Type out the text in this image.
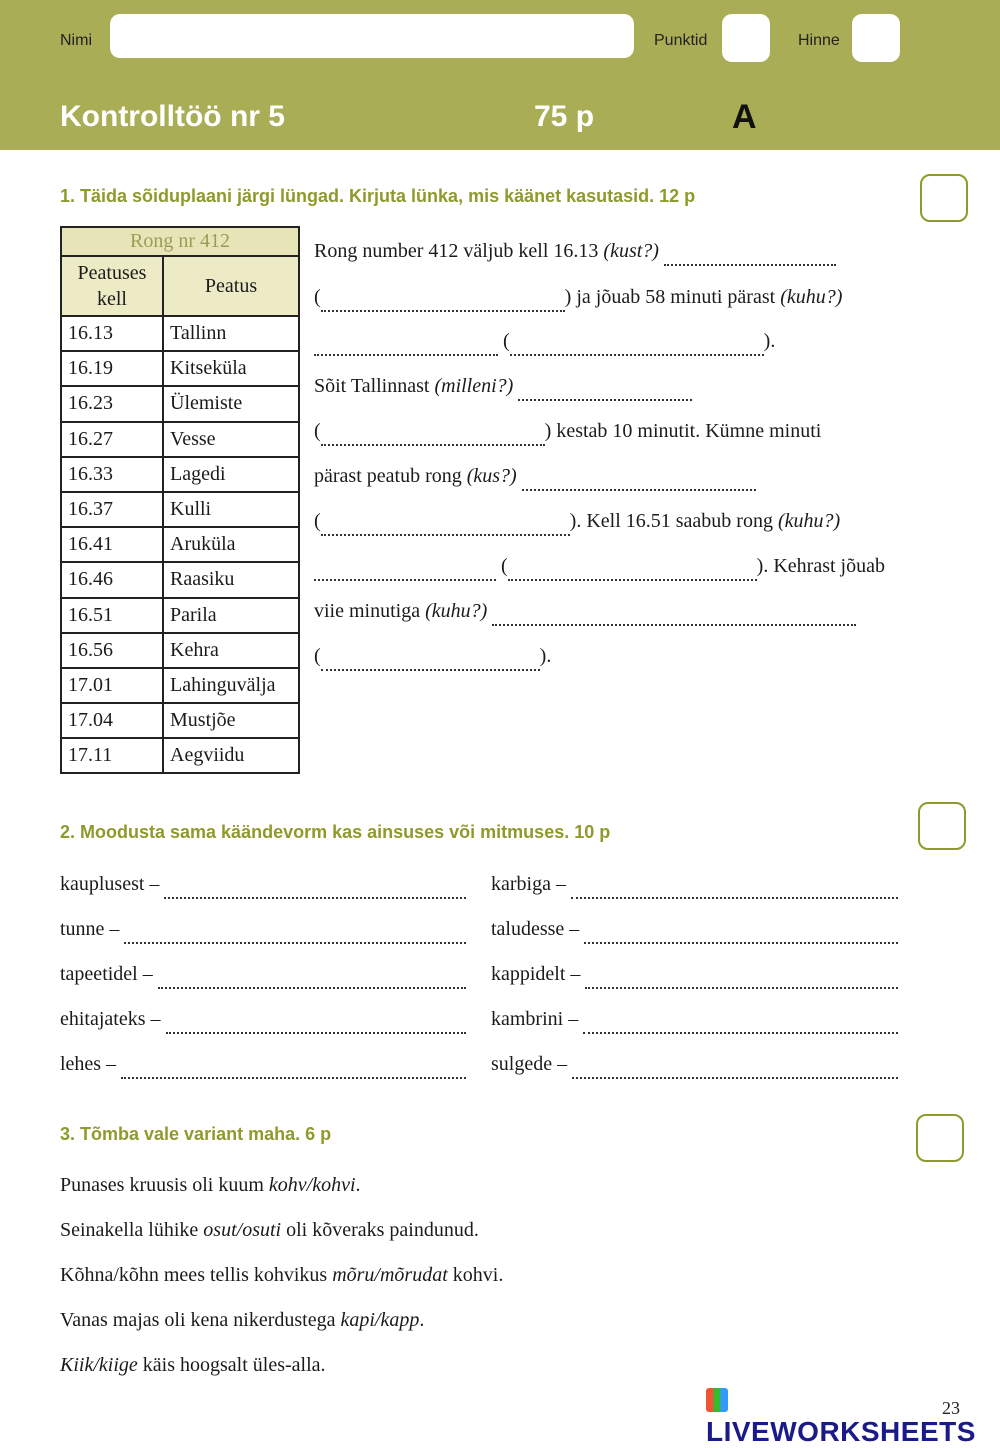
Nimi	Punktid	Hinne
Kontrolltöö nr 5	75 p	A
1. Täida sõiduplaani järgi lüngad. Kirjuta lünka, mis käänet kasutasid. 12 p
Rong nr 412	
Peatuses kell	Peatus
16.13	Tallinn
16.19	Kitseküla
16.23	Ülemiste
16.27	Vesse
16.33	Lagedi
16.37	Kulli
16.41	Aruküla
16.46	Raasiku
16.51	Parila
16.56	Kehra
17.01	Lahinguvälja
17.04	Mustjõe
17.11	Aegviidu
Rong number 412 väljub kell 16.13 (kust?)
(	) ja jõuab 58 minuti pärast (kuhu?)
(	).
Sõit Tallinnast (milleni?)
(	) kestab 10 minutit. Kümne minuti
pärast peatub rong (kus?)
(	). Kell 16.51 saabub rong (kuhu?)
(	). Kehrast jõuab
viie minutiga (kuhu?)
(	).
2. Moodusta sama käändevorm kas ainsuses või mitmuses. 10 p
kauplusest –	karbiga –
tunne –	taludesse –
tapeetidel –	kappidelt –
ehitajateks –	kambrini –
lehes –	sulgede –
3. Tõmba vale variant maha. 6 p
Punases kruusis oli kuum kohv/kohvi.
Seinakella lühike osut/osuti oli kõveraks paindunud.
Kõhna/kõhn mees tellis kohvikus mõru/mõrudat kohvi.
Vanas majas oli kena nikerdustega kapi/kapp.
Kiik/kiige käis hoogsalt üles-alla.
LIVEWORKSHEETS
23
